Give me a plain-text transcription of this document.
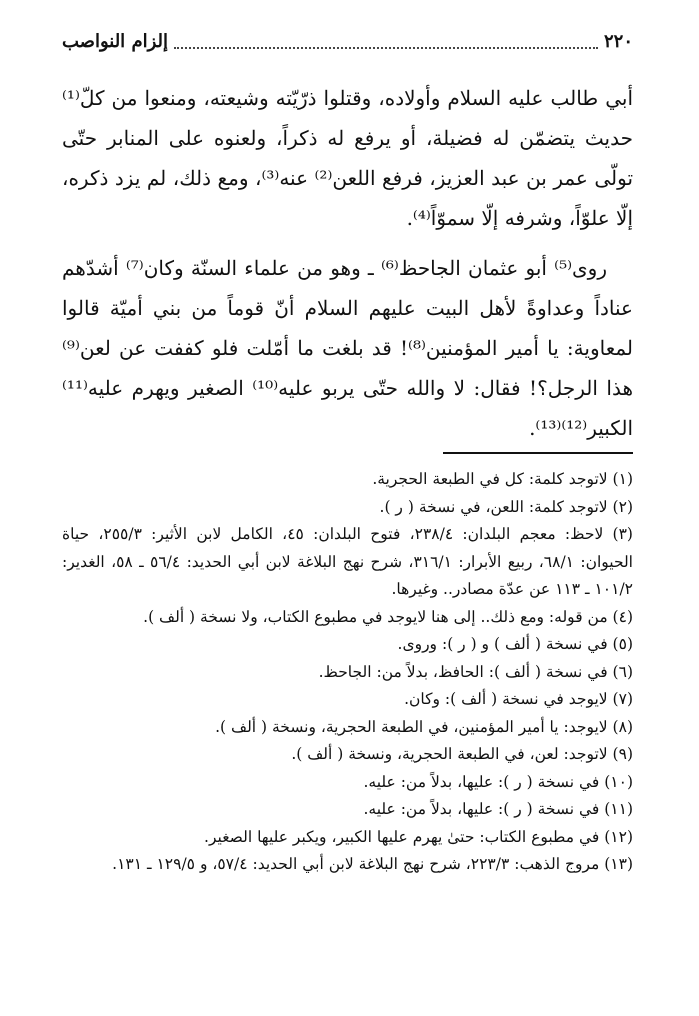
٢٢٠
إلزام النواصب

أبي طالب عليه السلام وأولاده، وقتلوا ذرّيّته وشيعته، ومنعوا من كلّ⁽¹⁾ حديث يتضمّن له فضيلة، أو يرفع له ذكراً، ولعنوه على المنابر حتّى تولّى عمر بن عبد العزيز، فرفع اللعن⁽²⁾ عنه⁽³⁾، ومع ذلك، لم يزد ذكره، إلّا علوّاً، وشرفه إلّا سموّاً⁽⁴⁾.

روى⁽⁵⁾ أبو عثمان الجاحظ⁽⁶⁾ ـ وهو من علماء السنّة وكان⁽⁷⁾ أشدّهم عناداً وعداوةً لأهل البيت عليهم السلام أنّ قوماً من بني أميّة قالوا لمعاوية: يا أمير المؤمنين⁽⁸⁾! قد بلغت ما أمّلت فلو كففت عن لعن⁽⁹⁾ هذا الرجل؟! فقال: لا والله حتّى يربو عليه⁽¹⁰⁾ الصغير ويهرم عليه⁽¹¹⁾ الكبير⁽¹²⁾⁽¹³⁾.

(١) لاتوجد كلمة: كل في الطبعة الحجرية.

(٢) لاتوجد كلمة: اللعن، في نسخة ( ر ).

(٣) لاحظ: معجم البلدان: ٢٣٨/٤، فتوح البلدان: ٤٥، الكامل لابن الأثير: ٢٥٥/٣، حياة الحيوان: ٦٨/١، ربيع الأبرار: ٣١٦/١، شرح نهج البلاغة لابن أبي الحديد: ٥٦/٤ ـ ٥٨، الغدير: ١٠١/٢ ـ ١١٣ عن عدّة مصادر.. وغيرها.

(٤) من قوله: ومع ذلك.. إلى هنا لايوجد في مطبوع الكتاب، ولا نسخة ( ألف ).

(٥) في نسخة ( ألف ) و ( ر ): وروى.

(٦) في نسخة ( ألف ): الحافظ، بدلاً من: الجاحظ.

(٧) لايوجد في نسخة ( ألف ): وكان.

(٨) لايوجد: يا أمير المؤمنين، في الطبعة الحجرية، ونسخة ( ألف ).

(٩) لاتوجد: لعن، في الطبعة الحجرية، ونسخة ( ألف ).

(١٠) في نسخة ( ر ): عليها، بدلاً من: عليه.

(١١) في نسخة ( ر ): عليها، بدلاً من: عليه.

(١٢) في مطبوع الكتاب: حتىٰ يهرم عليها الكبير، ويكبر عليها الصغير.

(١٣) مروج الذهب: ٢٢٣/٣، شرح نهج البلاغة لابن أبي الحديد: ٥٧/٤، و ١٢٩/٥ ـ ١٣١.
